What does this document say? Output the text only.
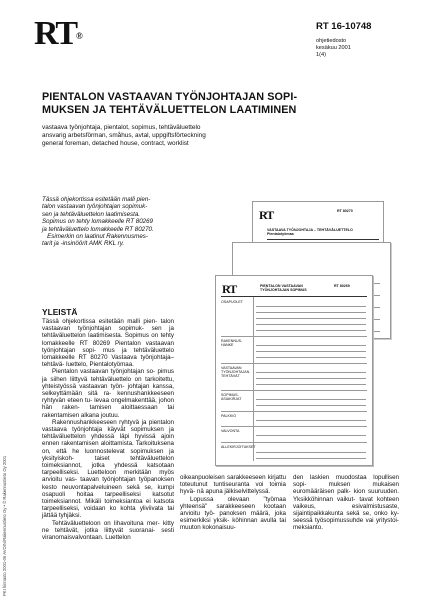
RT®
RT 16-10748
ohjetiedosto
kesäkuu 2001
1(4)
PIENTALON VASTAAVAN TYÖNJOHTAJAN SOPI-
MUKSEN JA TEHTÄVÄLUETTELON LAATIMINEN
vastaava työnjohtaja, pientalot, sopimus, tehtäväluettelo
ansvarig arbetsförman, småhus, avtal, uppgiftsförteckning
general foreman, detached house, contract, worklist
Tässä ohjekortissa esitetään malli pien-
talon vastaavan työnjohtajan sopimuk-
sen ja tehtäväluettelon laatimisesta.
Sopimus on tehty lomakkeelle RT 80269
ja tehtäväluettelo lomakkeelle RT 80270.
Esimerkin on laatinut Rakennusmes-
tarit ja -insinöörit AMK RKL ry.
RT	RT 80270
VASTAAVA TYÖNJOHTAJA – TEHTÄVÄLUETTELO
Pientalotyömaa
RT	PIENTALON VASTAAVAN
TYÖNJOHTAJAN SOPIMUS
RT 80269
OSAPUOLET
RAKENNUS-HANKE
VASTAAVAN TYÖNJOHTAJAN TEHTÄVÄT
SOPIMUS-ASIAKIRJAT
PALKKIO
VALVONTA
ALLEKIRJOITUKSET
YLEISTÄ

Tässä ohjekortissa esitetään malli pien- talon vastaavan työnjohtajan sopimuk- sen ja tehtäväluettelon laatimisesta. Sopimus on tehty lomakkeelle RT 80269 Pientalon vastaavan työnjohtajan sopi- mus ja tehtäväluettelo lomakkeelle RT 80270 Vastaava työnjohtaja–tehtävä- luettelo, Pientalotyömaa.

Pientalon vastaavan työnjohtajan so- pimus ja siihen liittyvä tehtäväluettelo on tarkoitettu, yhteistyössä vastaavan työn- johtajan kanssa, selkeyttämään sitä ra- kennushankkeeseen ryhtyvän eteen tu- levaa ongelmakenttää, johon hän raken- tamisen aloittaessaan tai rakentamisen alkana joutuu.

Rakennushankkeeseen ryhtyvä ja pientalon vastaava työnjohtaja käyvät sopimuksen ja tehtäväluettelon yhdessä läpi hyvissä ajoin ennen rakentamisen aloittamista. Tarkoituksena on, että he luonnostelevat sopimuksen ja yksityiskoh-	taiset tehtäväluettelon toimeksiannot, jotka yhdessä katsotaan tarpeelliseksi. Luetteloon merkitään myös arvioitu vas- taavan työnjohtajan työpanoksen kesto neuvontapalveluineen sekä se, kumpi osapuoli hoitaa tarpeelliseksi katsotut toimeksiannot. Mikäli toimeksiantoa ei katsota tarpeelliseksi, voidaan ko kohta yliviivata tai jättää tyhjäksi.

Tehtäväluetteloon on lihavoituna mer- kitty ne tehtävät, jotka liittyvät suoranai- sesti viranomaisvalvontaan. Luettelon

oikeanpuoleisen sarakkeeseen kirjattu toteutunut tuntiseuranta voi toimia hyvä- nä apuna jälkiselvittelyssä.

Lopussa olevaan "työmaa yhteensä" sarakkeeseen kootaan arvioitu työ- panoksen määrä, joka esimerkiksi yksik- köhinnan avulla tai muuton kokonaisuu-

den laskien muodostaa lopullisen sopi-	muksen mukaisen euromääräisen palk- kion suuruuden. Yksikköhinnan vaikut- tavat kohteen vaikeus, esivalmistusaste, sijaintipaikkakunta sekä se, onko ky- seessä työsopimussuhde vai yritystoi- meksianto.

PKI hinnasto 2001-06 AVOIN/Rakennustieto Oy • © Rakennustieto Oy 2001
